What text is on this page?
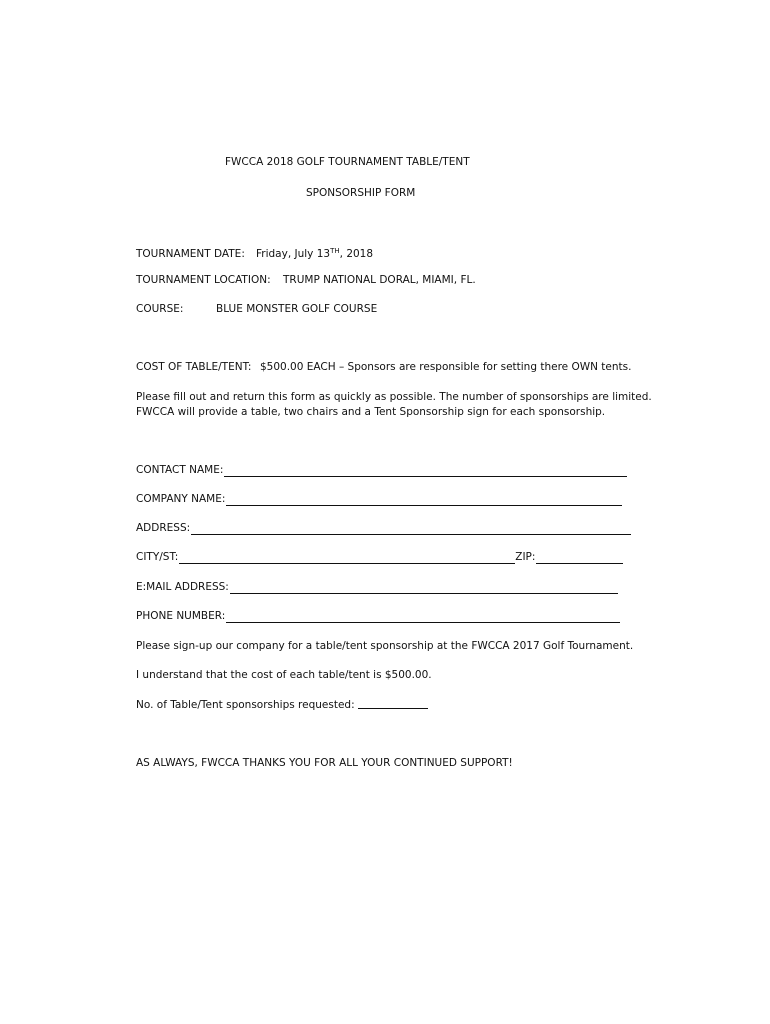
FWCCA 2018 GOLF TOURNAMENT TABLE/TENT
SPONSORSHIP FORM
TOURNAMENT DATE: Friday, July 13TH, 2018
TOURNAMENT LOCATION: TRUMP NATIONAL DORAL, MIAMI, FL.
COURSE:	BLUE MONSTER GOLF COURSE
COST OF TABLE/TENT: $500.00 EACH – Sponsors are responsible for setting there OWN tents.
Please fill out and return this form as quickly as possible. The number of sponsorships are limited.
FWCCA will provide a table, two chairs and a Tent Sponsorship sign for each sponsorship.
CONTACT NAME:
COMPANY NAME:
ADDRESS:
CITY/ST:	ZIP:
E:MAIL ADDRESS:
PHONE NUMBER:
Please sign-up our company for a table/tent sponsorship at the FWCCA 2017 Golf Tournament.
I understand that the cost of each table/tent is $500.00.
No. of Table/Tent sponsorships requested:
AS ALWAYS, FWCCA THANKS YOU FOR ALL YOUR CONTINUED SUPPORT!
